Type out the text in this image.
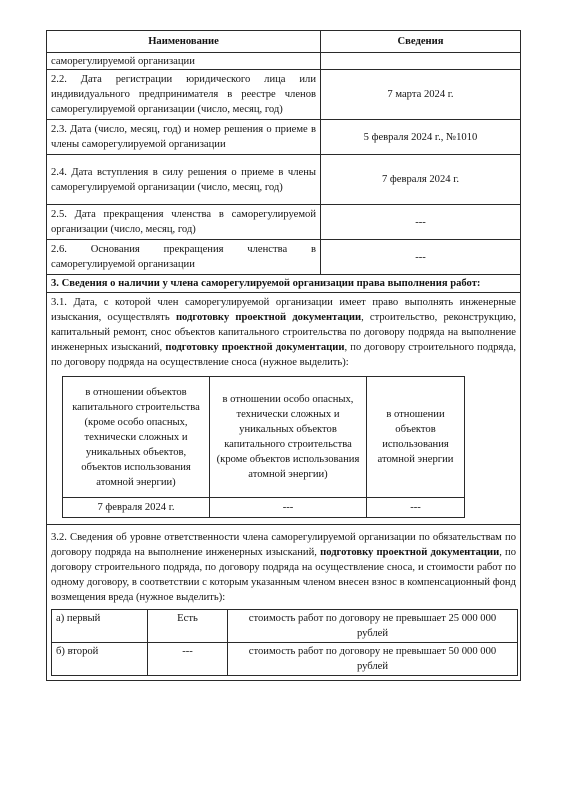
Наименование	Сведения
саморегулируемой организации	
2.2. Дата регистрации юридического лица или индивидуального предпринимателя в реестре членов саморегулируемой организации (число, месяц, год)	7 марта 2024 г.
2.3. Дата (число, месяц, год) и номер решения о приеме в члены саморегулируемой организации	5 февраля 2024 г., №1010
2.4. Дата вступления в силу решения о приеме в члены саморегулируемой организации (число, месяц, год)	7 февраля 2024 г.
2.5. Дата прекращения членства в саморегулируемой организации (число, месяц, год)	---
2.6. Основания прекращения членства в саморегулируемой организации	---
3. Сведения о наличии у члена саморегулируемой организации права выполнения работ:

3.1. Дата, с которой член саморегулируемой организации имеет право выполнять инженерные изыскания, осуществлять подготовку проектной документации, строительство, реконструкцию, капитальный ремонт, снос объектов капитального строительства по договору подряда на выполнение инженерных изысканий, подготовку проектной документации, по договору строительного подряда, по договору подряда на осуществление сноса (нужное выделить):
в отношении объектов капитального строительства (кроме особо опасных, технически сложных и уникальных объектов, объектов использования атомной энергии)	в отношении особо опасных, технически сложных и уникальных объектов капитального строительства (кроме объектов использования атомной энергии)	в отношении объектов использования атомной энергии
7 февраля 2024 г.	---	---

3.2. Сведения об уровне ответственности члена саморегулируемой организации по обязательствам по договору подряда на выполнение инженерных изысканий, подготовку проектной документации, по договору строительного подряда, по договору подряда на осуществление сноса, и стоимости работ по одному договору, в соответствии с которым указанным членом внесен взнос в компенсационный фонд возмещения вреда (нужное выделить):
а) первый	Есть	стоимость работ по договору не превышает 25 000 000 рублей
б) второй	---	стоимость работ по договору не превышает 50 000 000 рублей
